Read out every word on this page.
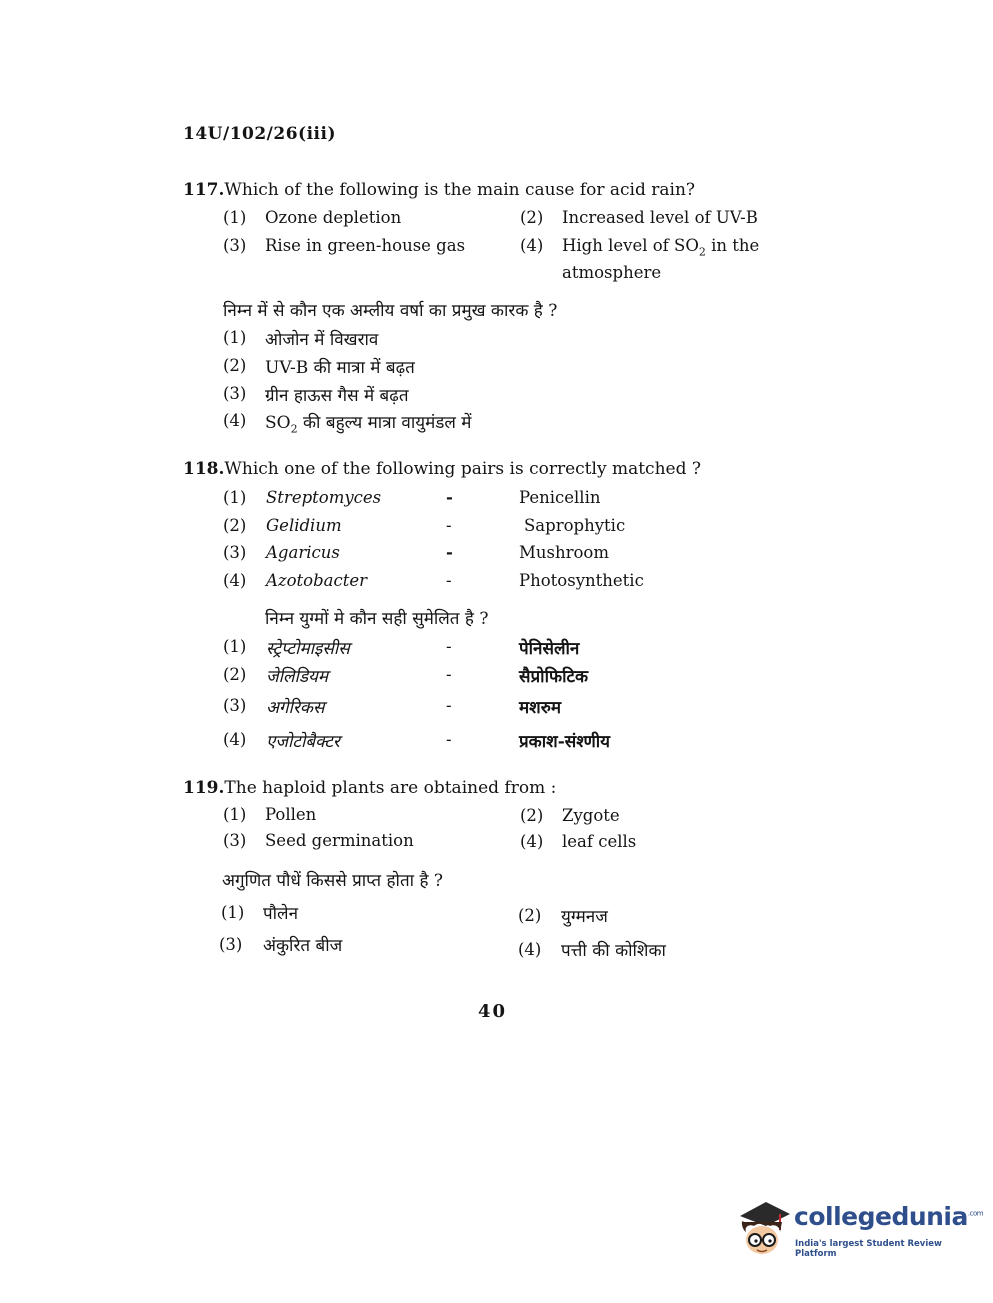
14U/102/26(iii)
117.Which of the following is the main cause for acid rain?
(1) Ozone depletion	(2) Increased level of UV-B
(3) Rise in green-house gas	(4) High level of $SO_2$ in the
atmosphere
निम्न में से कौन एक अम्लीय वर्षा का प्रमुख कारक है ?
(1) ओजोन में विखराव
(2) UV-B की मात्रा में बढ़त
(3) ग्रीन हाऊस गैस में बढ़त
(4) $SO_2$ की बहुल्य मात्रा वायुमंडल में
118.Which one of the following pairs is correctly matched ?
(1) Streptomyces	-	Penicellin
(2) Gelidium	-	Saprophytic
(3) Agaricus	-	Mushroom
(4) Azotobacter	-	Photosynthetic
निम्न युग्मों मे कौन सही सुमेलित है ?
(1) स्ट्रेप्टोमाइसीस	-	पेनिसेलीन
(2) जेलिडियम	-	सैप्रोफिटिक
(3) अगेरिकस	-	मशरुम
(4) एजोटोबैक्टर	-	प्रकाश-संश्णीय
119.The haploid plants are obtained from :
(1) Pollen	(2) Zygote
(3) Seed germination	(4) leaf cells
अगुणित पौधें किससे प्राप्त होता है ?
(1) पौलेन	(2) युग्मनज
(3) अंकुरित बीज	(4) पत्ती की कोशिका
40
collegedunia$^{.com}$
India's largest Student Review Platform
